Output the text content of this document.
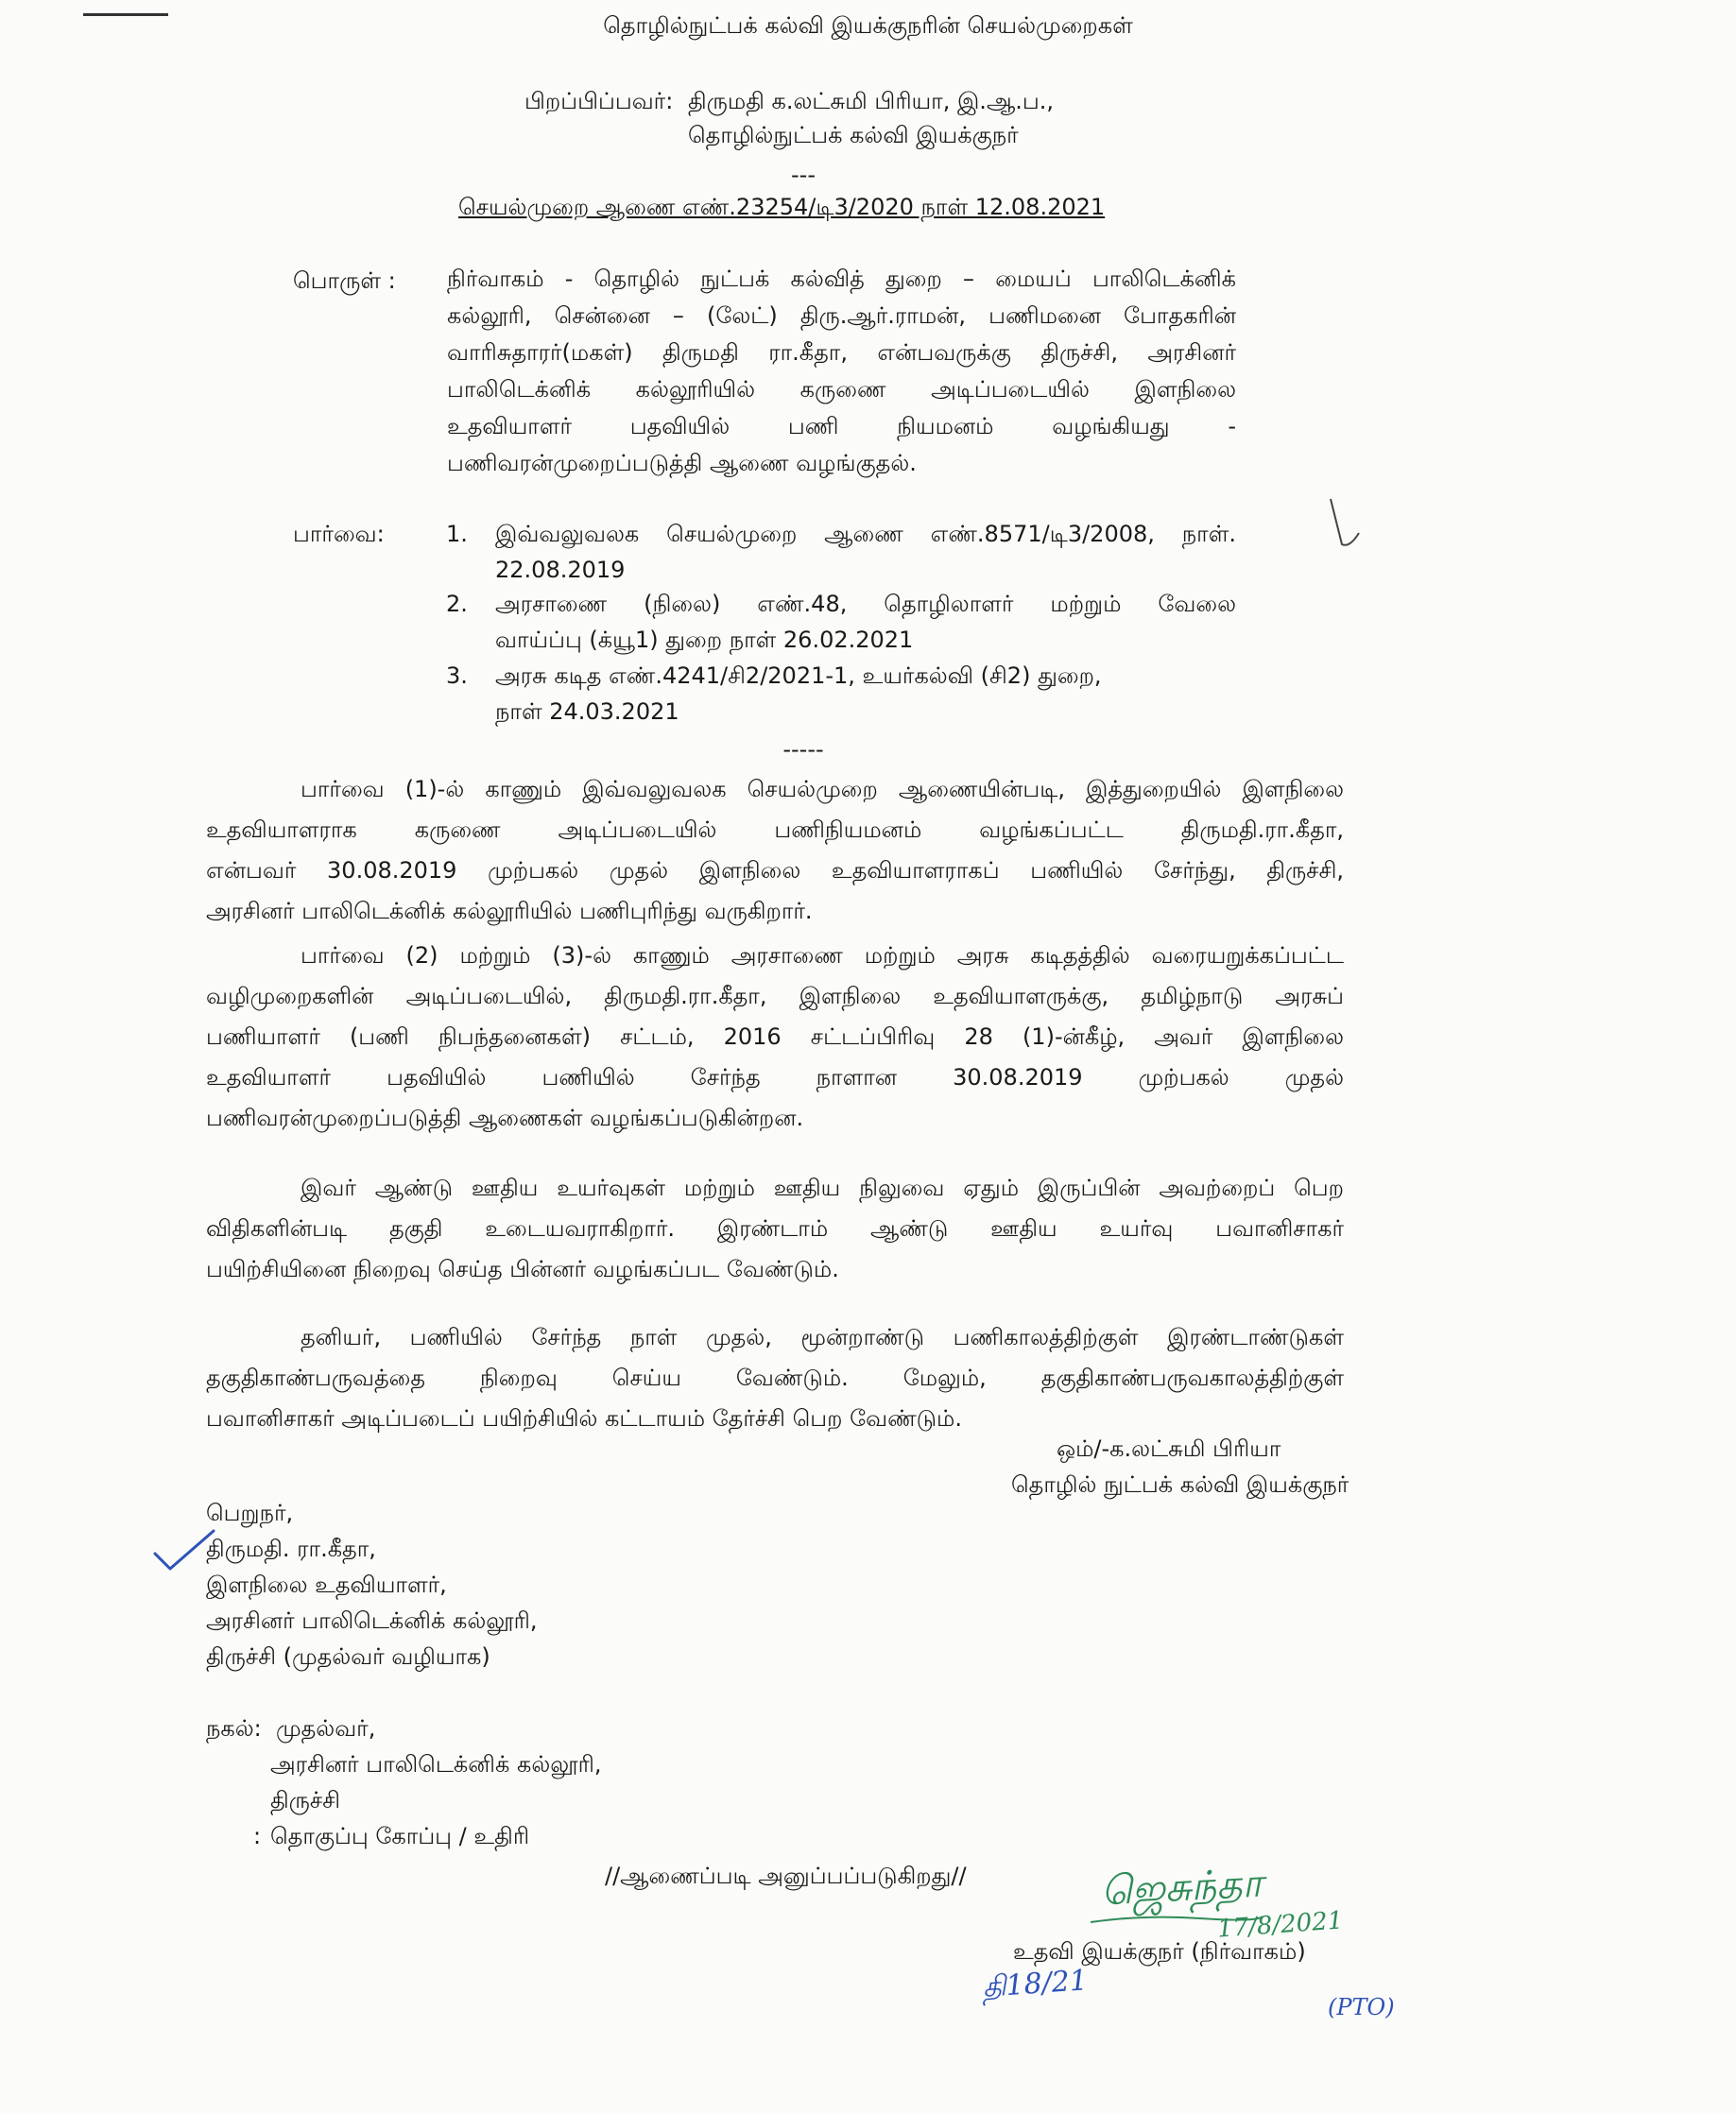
தொழில்நுட்பக் கல்வி இயக்குநரின் செயல்முறைகள்
பிறப்பிப்பவர்: திருமதி க.லட்சுமி பிரியா, இ.ஆ.ப.,
தொழில்நுட்பக் கல்வி இயக்குநர்
---
செயல்முறை ஆணை எண்.23254/டி3/2020 நாள் 12.08.2021
பொருள் : நிர்வாகம் - தொழில் நுட்பக் கல்வித் துறை – மையப் பாலிடெக்னிக்
கல்லூரி, சென்னை – (லேட்) திரு.ஆர்.ராமன், பணிமனை போதகரின்
வாரிசுதாரர்(மகள்) திருமதி ரா.கீதா, என்பவருக்கு திருச்சி, அரசினர்
பாலிடெக்னிக் கல்லூரியில் கருணை அடிப்படையில் இளநிலை
உதவியாளர் பதவியில் பணி நியமனம் வழங்கியது -
பணிவரன்முறைப்படுத்தி ஆணை வழங்குதல்.
பார்வை:	1. இவ்வலுவலக செயல்முறை ஆணை எண்.8571/டி3/2008, நாள்.
22.08.2019
2. அரசாணை (நிலை) எண்.48, தொழிலாளர் மற்றும் வேலை
வாய்ப்பு (க்யூ1) துறை நாள் 26.02.2021
3. அரசு கடித எண்.4241/சி2/2021-1, உயர்கல்வி (சி2) துறை,
நாள் 24.03.2021
-----
பார்வை (1)-ல் காணும் இவ்வலுவலக செயல்முறை ஆணையின்படி, இத்துறையில் இளநிலை
உதவியாளராக கருணை அடிப்படையில் பணிநியமனம் வழங்கப்பட்ட திருமதி.ரா.கீதா,
என்பவர் 30.08.2019 முற்பகல் முதல் இளநிலை உதவியாளராகப் பணியில் சேர்ந்து, திருச்சி,
அரசினர் பாலிடெக்னிக் கல்லூரியில் பணிபுரிந்து வருகிறார்.
பார்வை (2) மற்றும் (3)-ல் காணும் அரசாணை மற்றும் அரசு கடிதத்தில் வரையறுக்கப்பட்ட
வழிமுறைகளின் அடிப்படையில், திருமதி.ரா.கீதா, இளநிலை உதவியாளருக்கு, தமிழ்நாடு அரசுப்
பணியாளர் (பணி நிபந்தனைகள்) சட்டம், 2016 சட்டப்பிரிவு 28 (1)-ன்கீழ், அவர் இளநிலை
உதவியாளர் பதவியில் பணியில் சேர்ந்த நாளான 30.08.2019 முற்பகல் முதல்
பணிவரன்முறைப்படுத்தி ஆணைகள் வழங்கப்படுகின்றன.
இவர் ஆண்டு ஊதிய உயர்வுகள் மற்றும் ஊதிய நிலுவை ஏதும் இருப்பின் அவற்றைப் பெற
விதிகளின்படி தகுதி உடையவராகிறார். இரண்டாம் ஆண்டு ஊதிய உயர்வு பவானிசாகர்
பயிற்சியினை நிறைவு செய்த பின்னர் வழங்கப்பட வேண்டும்.
தனியர், பணியில் சேர்ந்த நாள் முதல், மூன்றாண்டு பணிகாலத்திற்குள் இரண்டாண்டுகள்
தகுதிகாண்பருவத்தை நிறைவு செய்ய வேண்டும். மேலும், தகுதிகாண்பருவகாலத்திற்குள்
பவானிசாகர் அடிப்படைப் பயிற்சியில் கட்டாயம் தேர்ச்சி பெற வேண்டும்.
ஒம்/-க.லட்சுமி பிரியா
தொழில் நுட்பக் கல்வி இயக்குநர்
பெறுநர்,
திருமதி. ரா.கீதா,
இளநிலை உதவியாளர்,
அரசினர் பாலிடெக்னிக் கல்லூரி,
திருச்சி (முதல்வர் வழியாக)
நகல்: முதல்வர்,
அரசினர் பாலிடெக்னிக் கல்லூரி,
திருச்சி
: தொகுப்பு கோப்பு / உதிரி
//ஆணைப்படி அனுப்பப்படுகிறது//	ஜெசுந்தா
17/8/2021
உதவி இயக்குநர் (நிர்வாகம்)
தி18/21
(PTO)
